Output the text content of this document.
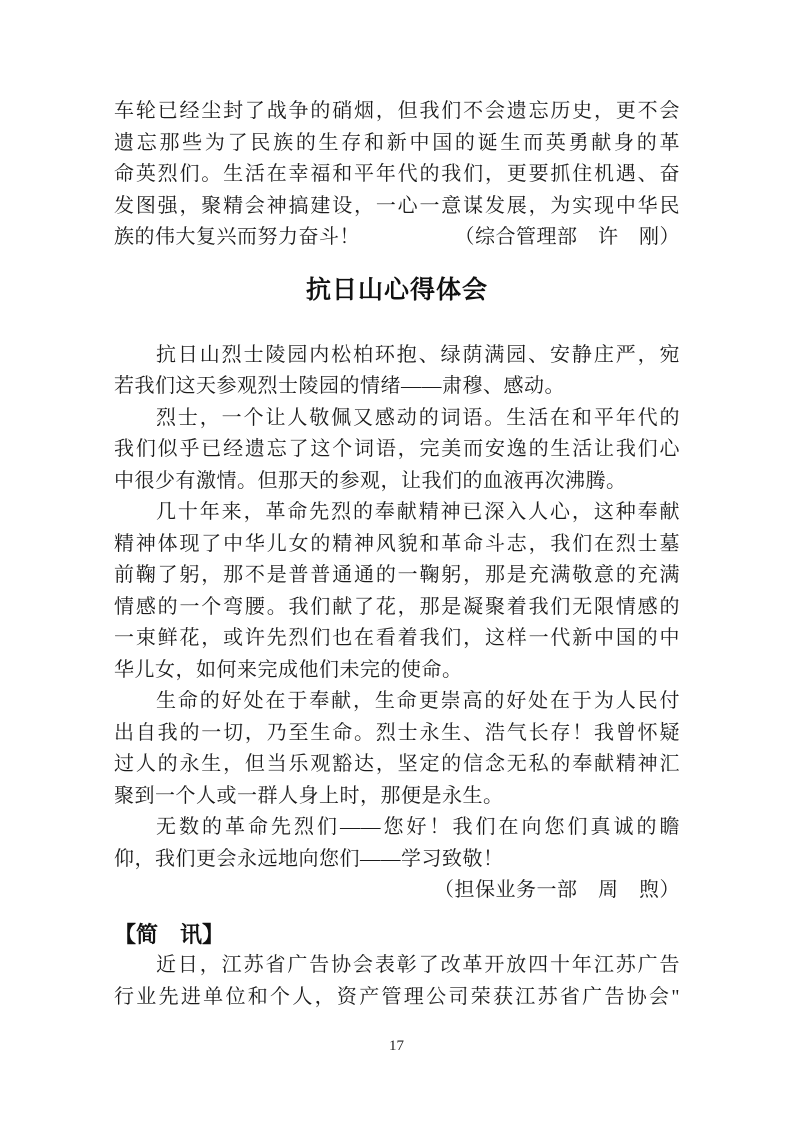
车轮已经尘封了战争的硝烟，但我们不会遗忘历史，更不会
遗忘那些为了民族的生存和新中国的诞生而英勇献身的革
命英烈们。生活在幸福和平年代的我们，更要抓住机遇、奋
发图强，聚精会神搞建设，一心一意谋发展，为实现中华民
族的伟大复兴而努力奋斗！	（综合管理部　许　刚）
抗日山心得体会
抗日山烈士陵园内松柏环抱、绿荫满园、安静庄严，宛
若我们这天参观烈士陵园的情绪——肃穆、感动。
烈士，一个让人敬佩又感动的词语。生活在和平年代的
我们似乎已经遗忘了这个词语，完美而安逸的生活让我们心
中很少有激情。但那天的参观，让我们的血液再次沸腾。
几十年来，革命先烈的奉献精神已深入人心，这种奉献
精神体现了中华儿女的精神风貌和革命斗志，我们在烈士墓
前鞠了躬，那不是普普通通的一鞠躬，那是充满敬意的充满
情感的一个弯腰。我们献了花，那是凝聚着我们无限情感的
一束鲜花，或许先烈们也在看着我们，这样一代新中国的中
华儿女，如何来完成他们未完的使命。
生命的好处在于奉献，生命更崇高的好处在于为人民付
出自我的一切，乃至生命。烈士永生、浩气长存！我曾怀疑
过人的永生，但当乐观豁达，坚定的信念无私的奉献精神汇
聚到一个人或一群人身上时，那便是永生。
无数的革命先烈们——您好！我们在向您们真诚的瞻
仰，我们更会永远地向您们——学习致敬！
（担保业务一部　周　煦）
【简　讯】
近日，江苏省广告协会表彰了改革开放四十年江苏广告
行业先进单位和个人，资产管理公司荣获江苏省广告协会"
17
